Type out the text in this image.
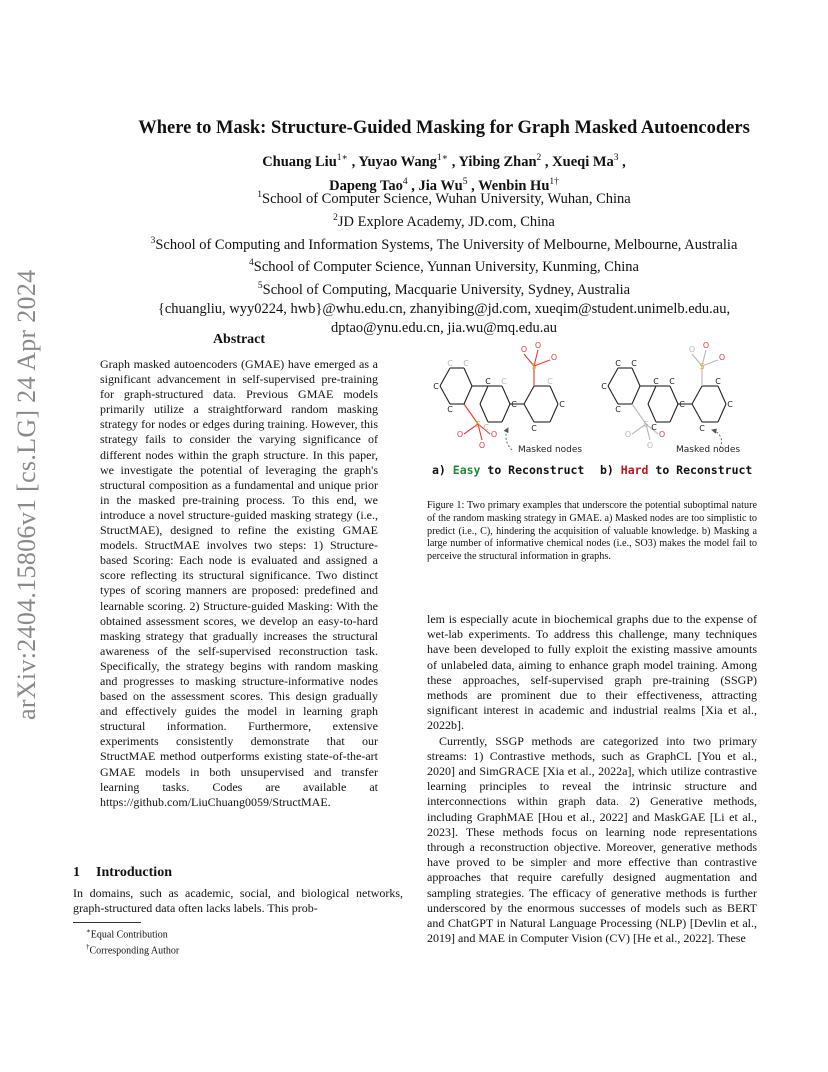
arXiv:2404.15806v1 [cs.LG] 24 Apr 2024
Where to Mask: Structure-Guided Masking for Graph Masked Autoencoders
Chuang Liu$^{1∗}$ , Yuyao Wang$^{1∗}$ , Yibing Zhan$^2$ , Xueqi Ma$^3$ ,
Dapeng Tao$^4$ , Jia Wu$^5$ , Wenbin $Hu^{1\dagger}$
$^1$School of Computer Science, Wuhan University, Wuhan, China
$^2$JD Explore Academy, JD.com, China
$^3$School of Computing and Information Systems, The University of Melbourne, Melbourne, Australia
$^4$School of Computer Science, Yunnan University, Kunming, China
$^5$School of Computing, Macquarie University, Sydney, Australia
{chuangliu, wyy0224, hwb}@whu.edu.cn, zhanyibing@jd.com, xueqim@student.unimelb.edu.au,
dptao@ynu.edu.cn, jia.wu@mq.edu.au
Abstract

Graph masked autoencoders (GMAE) have emerged as a significant advancement in self-supervised pre-training for graph-structured data. Previous GMAE models primarily utilize a straightforward random masking strategy for nodes or edges during training. However, this strategy fails to consider the varying significance of different nodes within the graph structure. In this paper, we investigate the potential of leveraging the graph's structural composition as a fundamental and unique prior in the masked pre-training process. To this end, we introduce a novel structure-guided masking strategy (i.e., StructMAE), designed to refine the existing GMAE models. StructMAE involves two steps: 1) Structure-based Scoring: Each node is evaluated and assigned a score reflecting its structural significance. Two distinct types of scoring manners are proposed: predefined and learnable scoring. 2) Structure-guided Masking: With the obtained assessment scores, we develop an easy-to-hard masking strategy that gradually increases the structural awareness of the self-supervised reconstruction task. Specifically, the strategy begins with random masking and progresses to masking structure-informative nodes based on the assessment scores. This design gradually and effectively guides the model in learning graph structural information. Furthermore, extensive experiments consistently demonstrate that our StructMAE method outperforms existing state-of-the-art GMAE models in both unsupervised and transfer learning tasks. Codes are available at https://github.com/LiuChuang0059/StructMAE.

1 Introduction

In domains, such as academic, social, and biological networks, graph-structured data often lacks labels. This prob-

∗Equal Contribution
†Corresponding Author
C C
C
C
C C
C
C
C
C
C
S
O
O
O
S
O	O
O	Masked nodes
C C
C
C
C C
C
C
C
C
C
S
O
O
O
S
O	O
O	Masked nodes
a) Easy to Reconstruct b) Hard to Reconstruct

Figure 1: Two primary examples that underscore the potential suboptimal nature of the random masking strategy in GMAE. a) Masked nodes are too simplistic to predict (i.e., C), hindering the acquisition of valuable knowledge. b) Masking a large number of informative chemical nodes (i.e., SO3) makes the model fail to perceive the structural information in graphs.

lem is especially acute in biochemical graphs due to the expense of wet-lab experiments. To address this challenge, many techniques have been developed to fully exploit the existing massive amounts of unlabeled data, aiming to enhance graph model training. Among these approaches, self-supervised graph pre-training (SSGP) methods are prominent due to their effectiveness, attracting significant interest in academic and industrial realms [Xia et al., 2022b].

Currently, SSGP methods are categorized into two primary streams: 1) Contrastive methods, such as GraphCL [You et al., 2020] and SimGRACE [Xia et al., 2022a], which utilize contrastive learning principles to reveal the intrinsic structure and interconnections within graph data. 2) Generative methods, including GraphMAE [Hou et al., 2022] and MaskGAE [Li et al., 2023]. These methods focus on learning node representations through a reconstruction objective. Moreover, generative methods have proved to be simpler and more effective than contrastive approaches that require carefully designed augmentation and sampling strategies. The efficacy of generative methods is further underscored by the enormous successes of models such as BERT and ChatGPT in Natural Language Processing (NLP) [Devlin et al., 2019] and MAE in Computer Vision (CV) [He et al., 2022]. These
